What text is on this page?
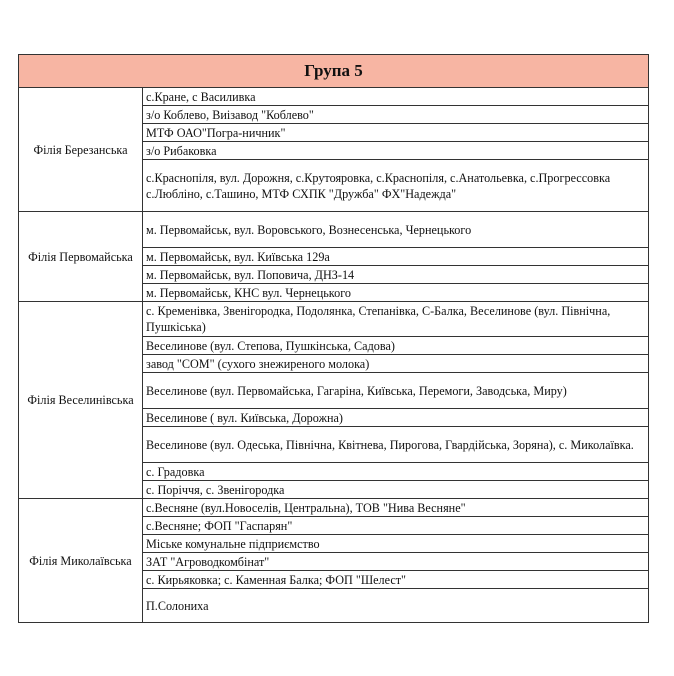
Група 5	
Філія Березанська	с.Кране, с Василивка
	з/о Коблево, Виізавод "Коблево"
	МТФ ОАО"Погра-ничник"
	з/о Рибаковка
	с.Краснопіля, вул. Дорожня, с.Крутояровка, с.Краснопіля, с.Анатольевка, с.Прогрессовка с.Люблiно, с.Ташино, МТФ СХПК "Дружба" ФХ"Надежда"
Філія Первомайська	м. Первомайськ, вул. Воровського, Вознесенська, Чернецького
	м. Первомайськ, вул. Київська 129а
	м. Первомайськ, вул. Поповича, ДНЗ-14
	м. Первомайськ, КНС вул. Чернецького
Філія Веселинівська	с. Кременівка, Звенігородка, Подолянка, Степанівка, С-Балка, Веселинове (вул. Північна, Пушкіська)
	Веселинове (вул. Степова, Пушкінська, Садова)
	завод "СОМ" (сухого знежиреного молока)
	Веселинове (вул. Первомайська, Гагаріна, Київська, Перемоги, Заводська, Миру)
	Веселинове ( вул. Київська, Дорожна)
	Веселинове (вул. Одеська, Північна, Квітнева, Пирогова, Гвардійська, Зоряна), с. Миколаївка.
	с. Градовка
	с. Поріччя, с. Звенігородка
Філія Миколаївська	с.Весняне (вул.Новоселів, Центральна), ТОВ "Нива Весняне"
	с.Весняне; ФОП "Гаспарян"
	Міське комунальне підприємство
	ЗАТ "Агроводкомбінат"
	с. Кирьяковка; с. Каменная Балка; ФОП "Шелест"
	П.Солониха
